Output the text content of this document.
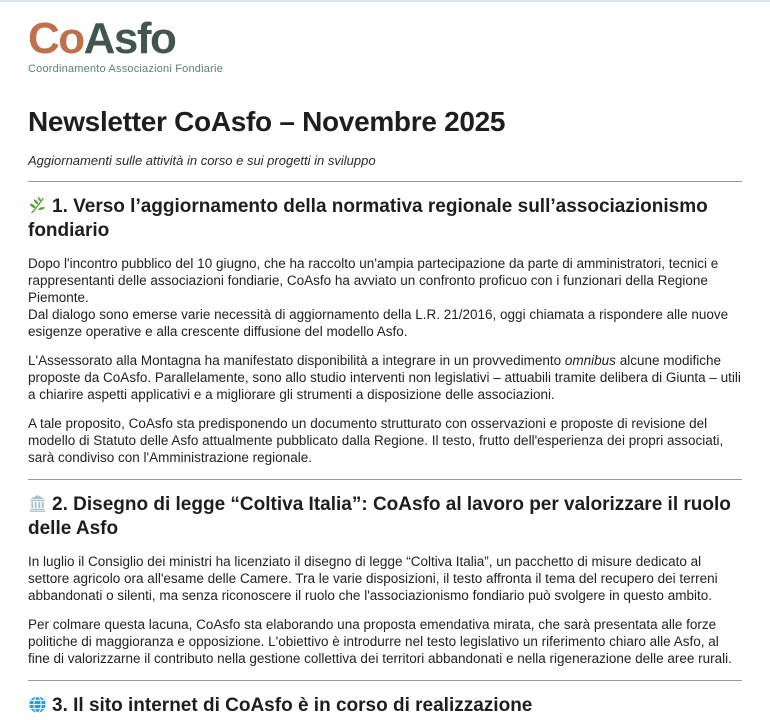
CoAsfo
Coordinamento Associazioni Fondiarie
Newsletter CoAsfo – Novembre 2025

Aggiornamenti sulle attività in corso e sui progetti in sviluppo

1. Verso l’aggiornamento della normativa regionale sull’associazionismo fondiario

Dopo l'incontro pubblico del 10 giugno, che ha raccolto un'ampia partecipazione da parte di amministratori, tecnici e rappresentanti delle associazioni fondiarie, CoAsfo ha avviato un confronto proficuo con i funzionari della Regione Piemonte.
Dal dialogo sono emerse varie necessità di aggiornamento della L.R. 21/2016, oggi chiamata a rispondere alle nuove esigenze operative e alla crescente diffusione del modello Asfo.

L'Assessorato alla Montagna ha manifestato disponibilità a integrare in un provvedimento omnibus alcune modifiche proposte da CoAsfo. Parallelamente, sono allo studio interventi non legislativi – attuabili tramite delibera di Giunta – utili a chiarire aspetti applicativi e a migliorare gli strumenti a disposizione delle associazioni.

A tale proposito, CoAsfo sta predisponendo un documento strutturato con osservazioni e proposte di revisione del modello di Statuto delle Asfo attualmente pubblicato dalla Regione. Il testo, frutto dell'esperienza dei propri associati, sarà condiviso con l'Amministrazione regionale.

2. Disegno di legge “Coltiva Italia”: CoAsfo al lavoro per valorizzare il ruolo delle Asfo

In luglio il Consiglio dei ministri ha licenziato il disegno di legge “Coltiva Italia”, un pacchetto di misure dedicato al settore agricolo ora all'esame delle Camere. Tra le varie disposizioni, il testo affronta il tema del recupero dei terreni abbandonati o silenti, ma senza riconoscere il ruolo che l'associazionismo fondiario può svolgere in questo ambito.

Per colmare questa lacuna, CoAsfo sta elaborando una proposta emendativa mirata, che sarà presentata alle forze politiche di maggioranza e opposizione. L'obiettivo è introdurre nel testo legislativo un riferimento chiaro alle Asfo, al fine di valorizzarne il contributo nella gestione collettiva dei territori abbandonati e nella rigenerazione delle aree rurali.

3. Il sito internet di CoAsfo è in corso di realizzazione
